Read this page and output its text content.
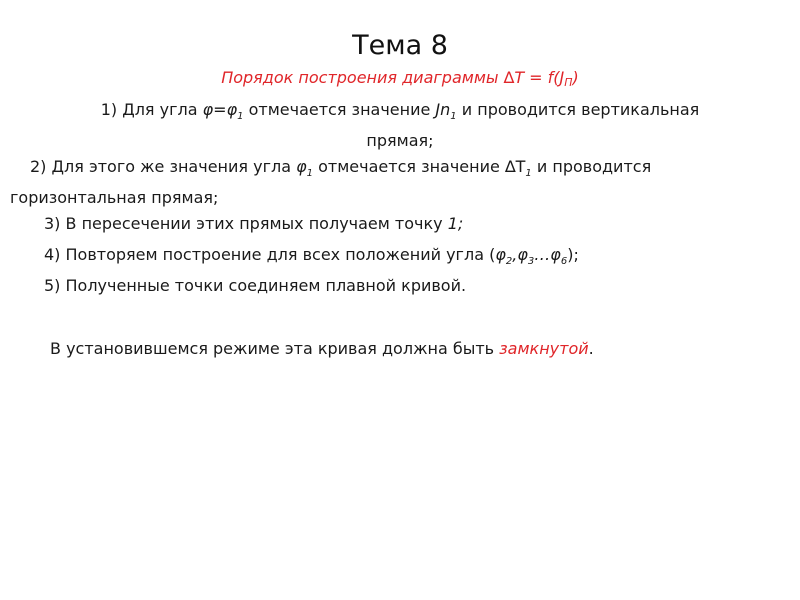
Тема 8
Порядок построения диаграммы ∆T = f(JП)
1) Для угла $\varphi=\varphi_1$ отмечается значение $Jn_1$ и проводится вертикальная
прямая;
2) Для этого же значения угла $\varphi_1$ отмечается значение $\Delta T_1$ и проводится
горизонтальная прямая;
3) В пересечении этих прямых получаем точку 1;
4) Повторяем построение для всех положений угла $(\varphi_2,\varphi_3\dots\varphi_6)$;
5) Полученные точки соединяем плавной кривой.
В установившемся режиме эта кривая должна быть замкнутой.
